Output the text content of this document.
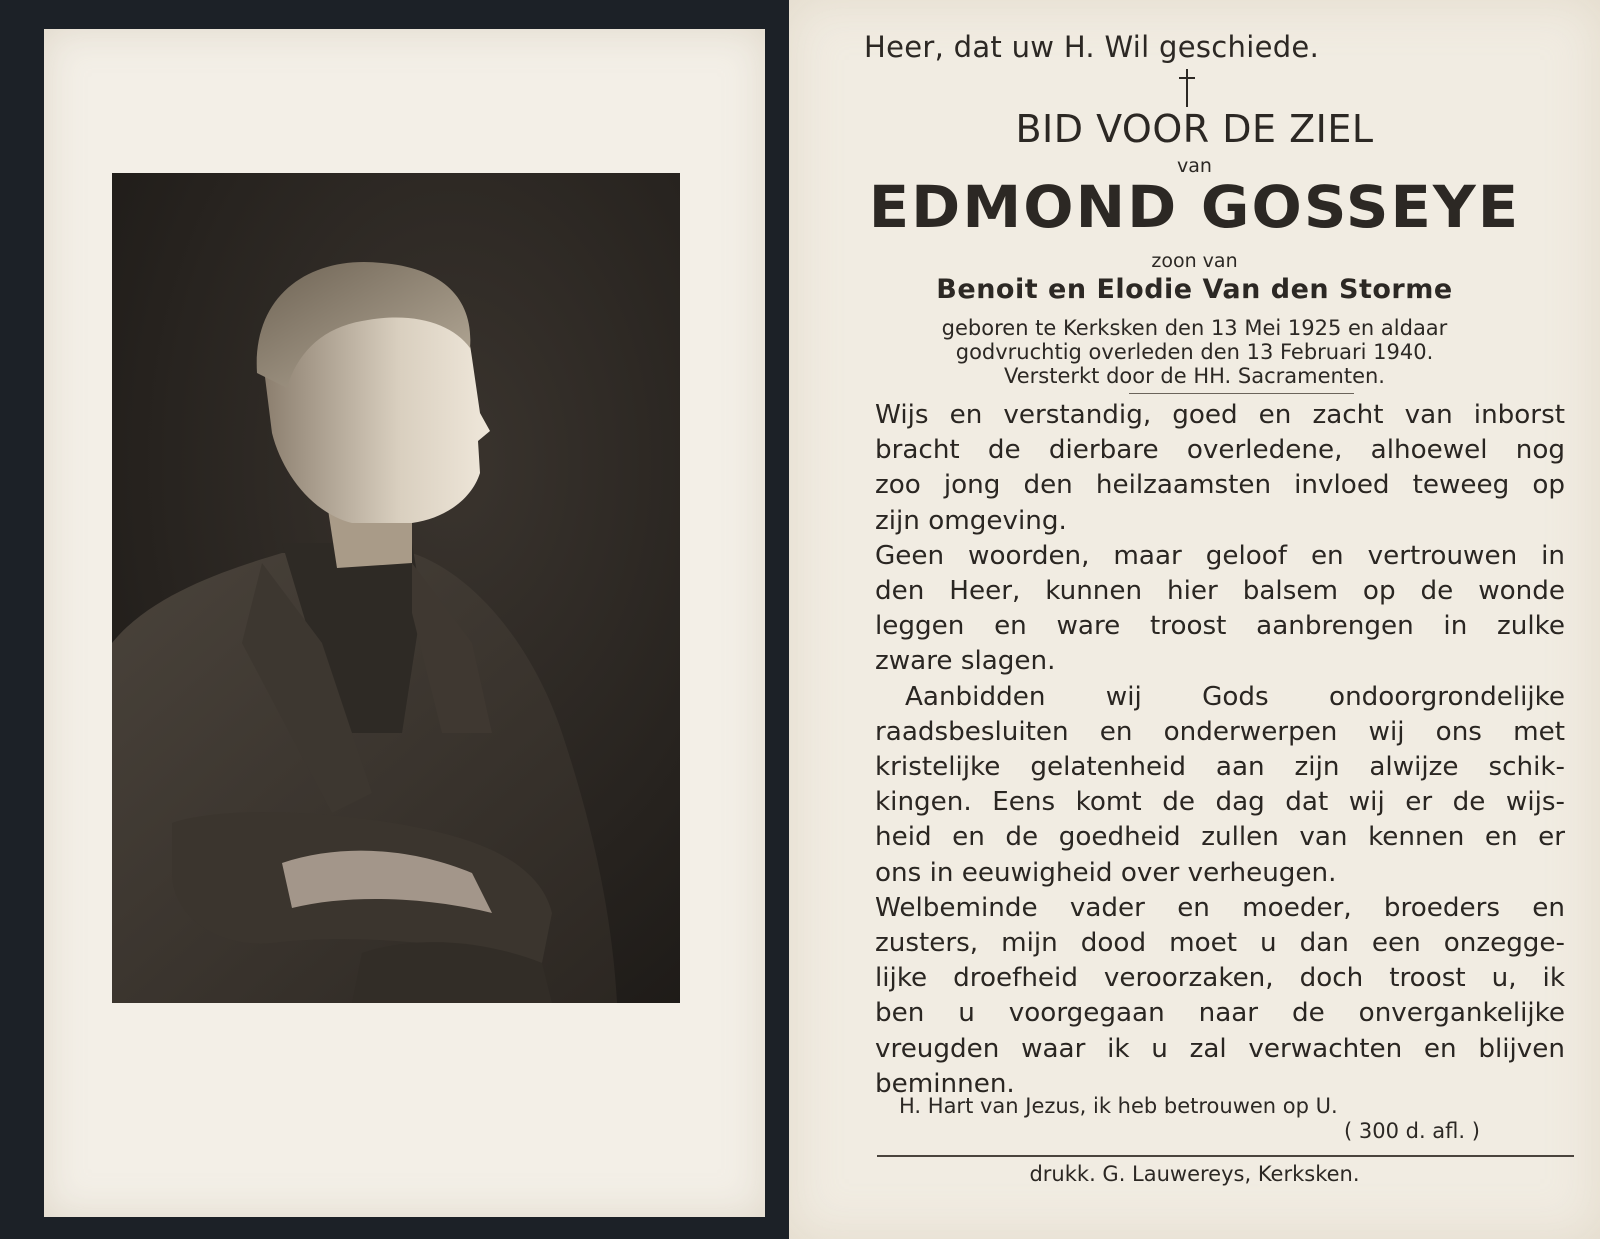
Heer, dat uw H. Wil geschiede.
BID VOOR DE ZIEL
van
EDMOND GOSSEYE
zoon van
Benoit en Elodie Van den Storme
geboren te Kerksken den 13 Mei 1925 en aldaar
godvruchtig overleden den 13 Februari 1940.
Versterkt door de HH. Sacramenten.
Wijs en verstandig, goed en zacht van inborst
bracht de dierbare overledene, alhoewel nog
zoo jong den heilzaamsten invloed teweeg op
zijn omgeving.
Geen woorden, maar geloof en vertrouwen in
den Heer, kunnen hier balsem op de wonde
leggen en ware troost aanbrengen in zulke
zware slagen.
Aanbidden wij Gods ondoorgrondelijke
raadsbesluiten en onderwerpen wij ons met
kristelijke gelatenheid aan zijn alwijze schik-
kingen. Eens komt de dag dat wij er de wijs-
heid en de goedheid zullen van kennen en er
ons in eeuwigheid over verheugen.
Welbeminde vader en moeder, broeders en
zusters, mijn dood moet u dan een onzegge-
lijke droefheid veroorzaken, doch troost u, ik
ben u voorgegaan naar de onvergankelijke
vreugden waar ik u zal verwachten en blijven
beminnen.
H. Hart van Jezus, ik heb betrouwen op U.
( 300 d. afl. )
drukk. G. Lauwereys, Kerksken.
